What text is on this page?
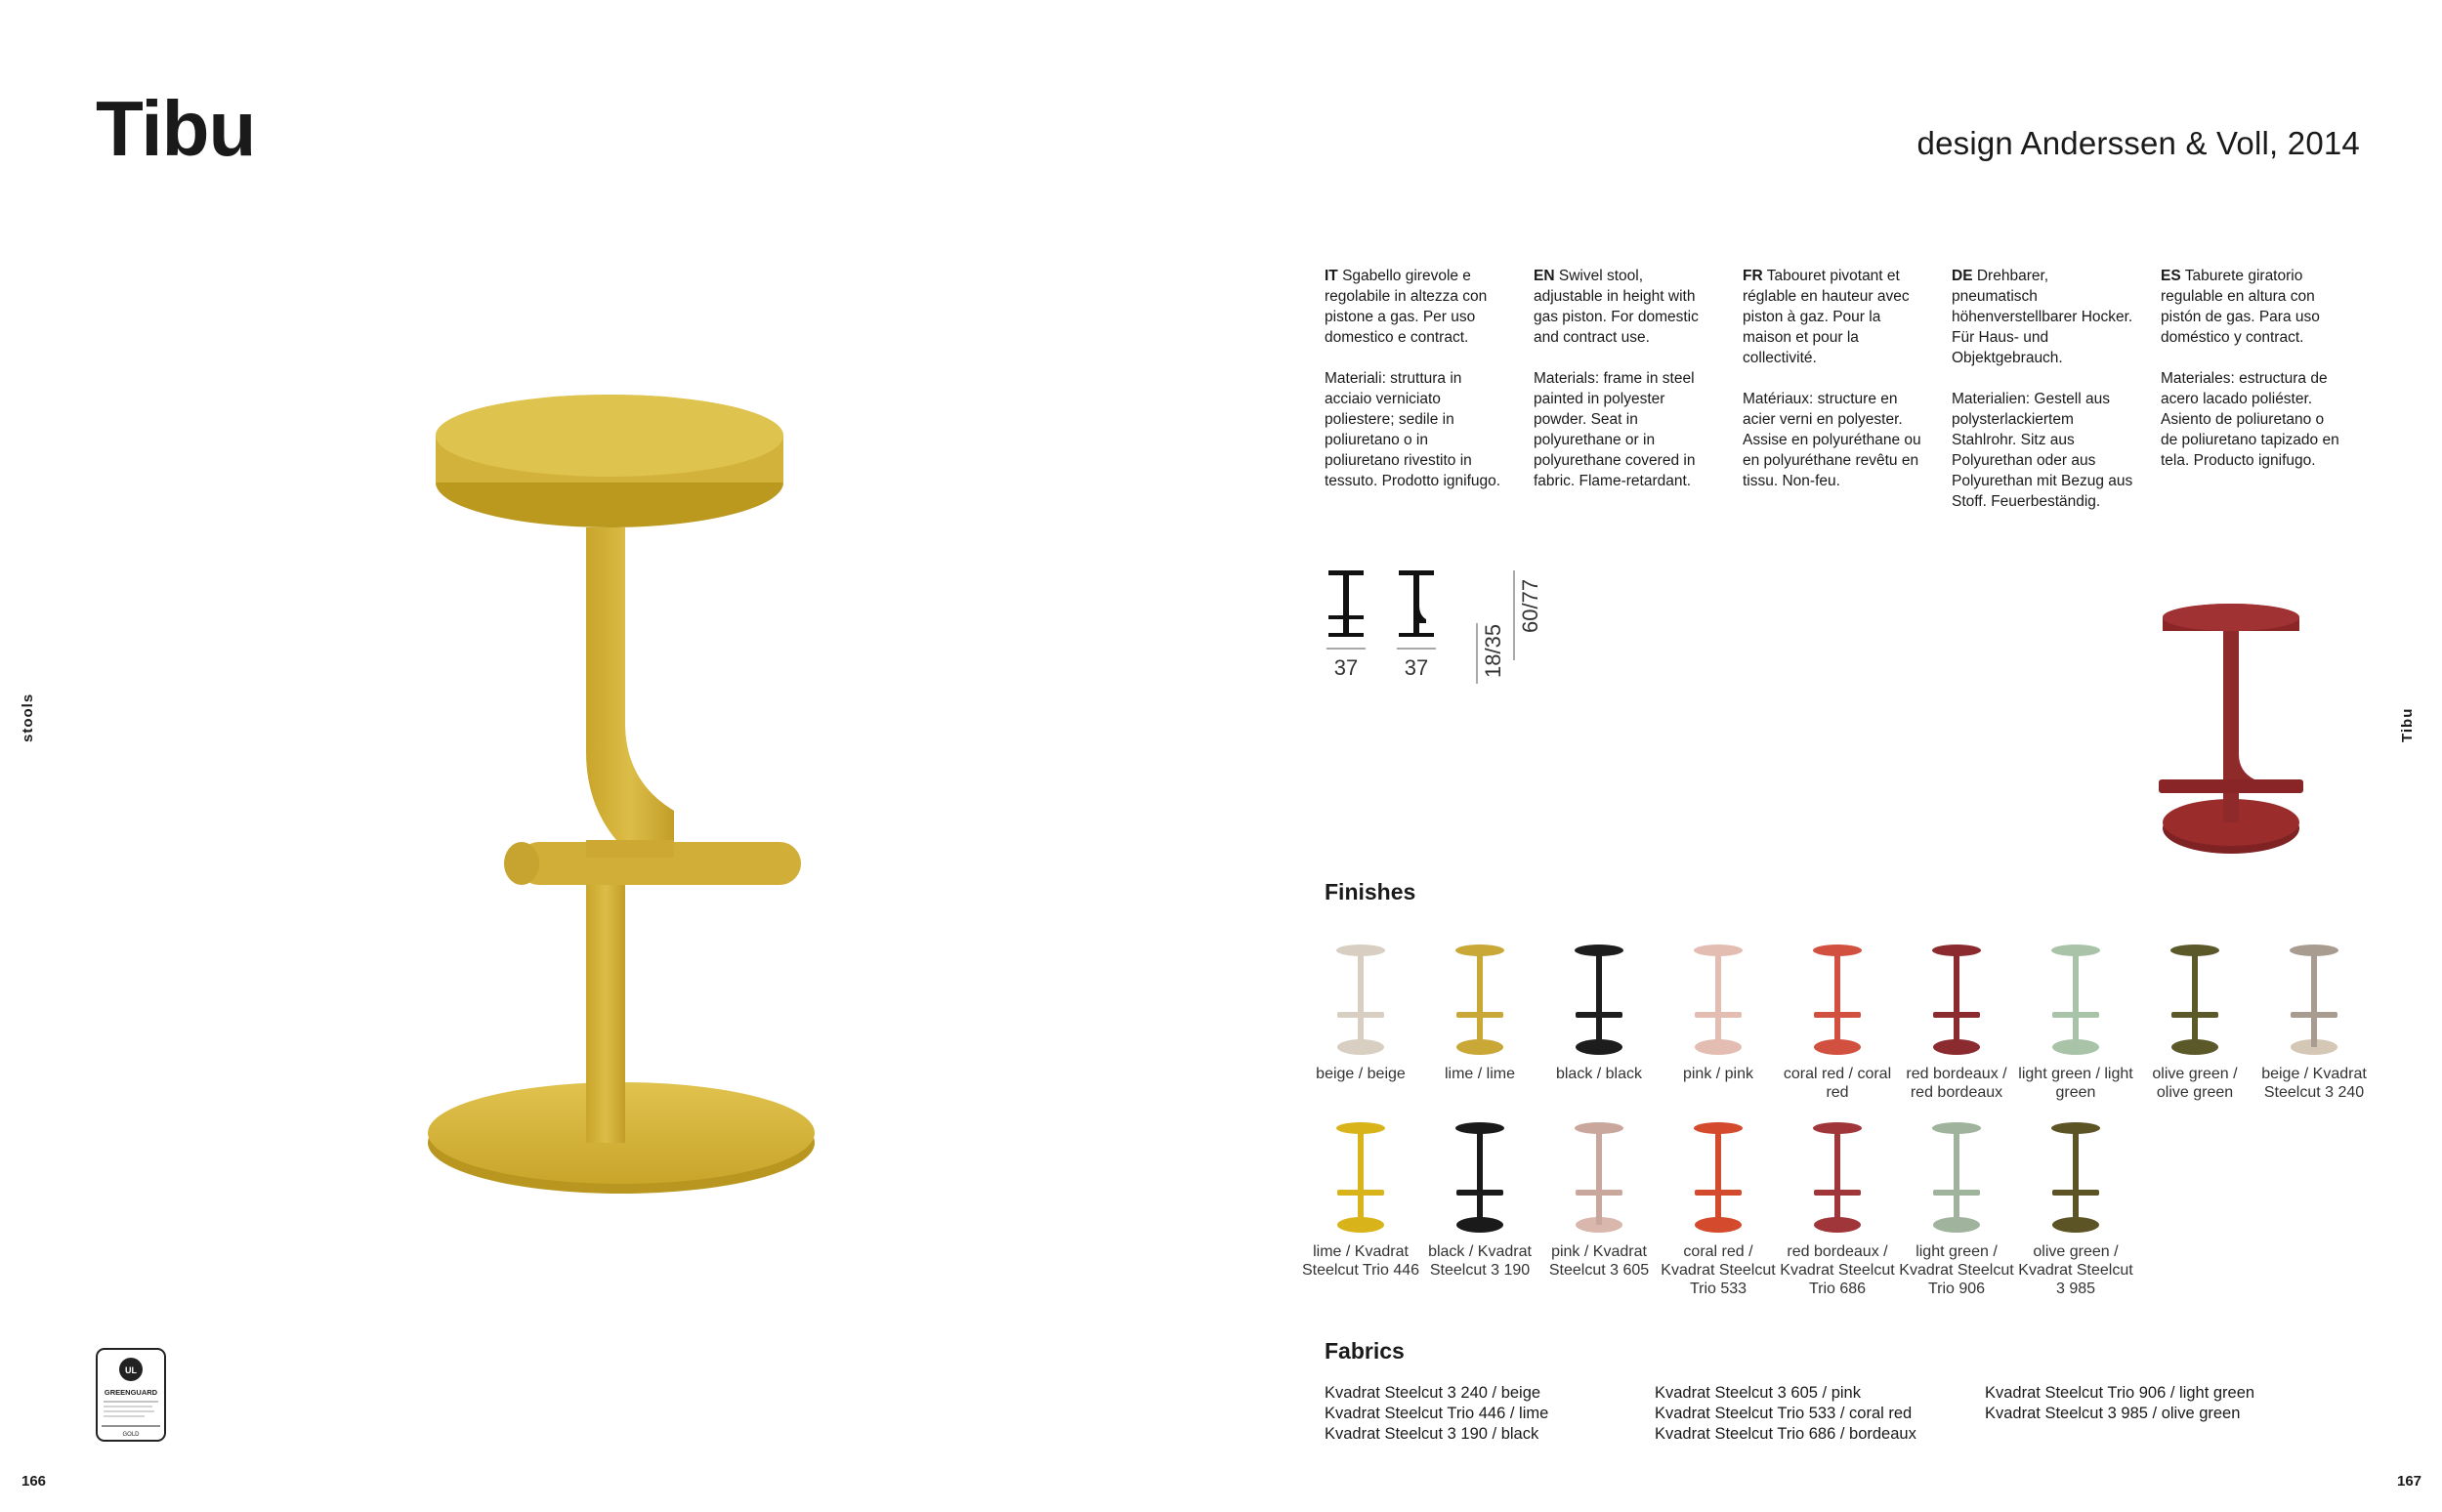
Tibu	design Anderssen & Voll, 2014
stools	Tibu
166	167

IT Sgabello girevole e regolabile in altezza con pistone a gas. Per uso domestico e contract.

Materiali: struttura in acciaio verniciato poliestere; sedile in poliuretano o in poliuretano rivestito in tessuto. Prodotto ignifugo.

EN Swivel stool, adjustable in height with gas piston. For domestic and contract use.

Materials: frame in steel painted in polyester powder. Seat in polyurethane or in polyurethane covered in fabric. Flame-retardant.

FR Tabouret pivotant et réglable en hauteur avec piston à gaz. Pour la maison et pour la collectivité.

Matériaux: structure en acier verni en polyester. Assise en polyuréthane ou en polyuréthane revêtu en tissu. Non-feu.

DE Drehbarer, pneumatisch höhenverstellbarer Hocker. Für Haus- und Objektgebrauch.

Materialien: Gestell aus polysterlackiertem Stahlrohr. Sitz aus Polyurethan oder aus Polyurethan mit Bezug aus Stoff. Feuerbeständig.

ES Taburete giratorio regulable en altura con pistón de gas. Para uso doméstico y contract.

Materiales: estructura de acero lacado poliéster. Asiento de poliuretano o de poliuretano tapizado en tela. Producto ignifugo.

37 37 18/35
60/77
Finishes
beige / beige	lime / lime	black / black	pink / pink	coral red / coral red
red bordeaux / red bordeaux
light green / light green
olive green / olive green
beige / Kvadrat Steelcut 3 240
lime / Kvadrat Steelcut Trio 446
black / Kvadrat Steelcut 3 190
pink / Kvadrat Steelcut 3 605
coral red / Kvadrat Steelcut Trio 533
red bordeaux / Kvadrat Steelcut Trio 686
light green / Kvadrat Steelcut Trio 906
olive green / Kvadrat Steelcut 3 985
Fabrics
Kvadrat Steelcut 3 240 / beige
Kvadrat Steelcut Trio 446 / lime
Kvadrat Steelcut 3 190 / black
Kvadrat Steelcut 3 605 / pink
Kvadrat Steelcut Trio 533 / coral red
Kvadrat Steelcut Trio 686 / bordeaux
Kvadrat Steelcut Trio 906 / light green
Kvadrat Steelcut 3 985 / olive green
UL
GREENGUARD
GOLD
